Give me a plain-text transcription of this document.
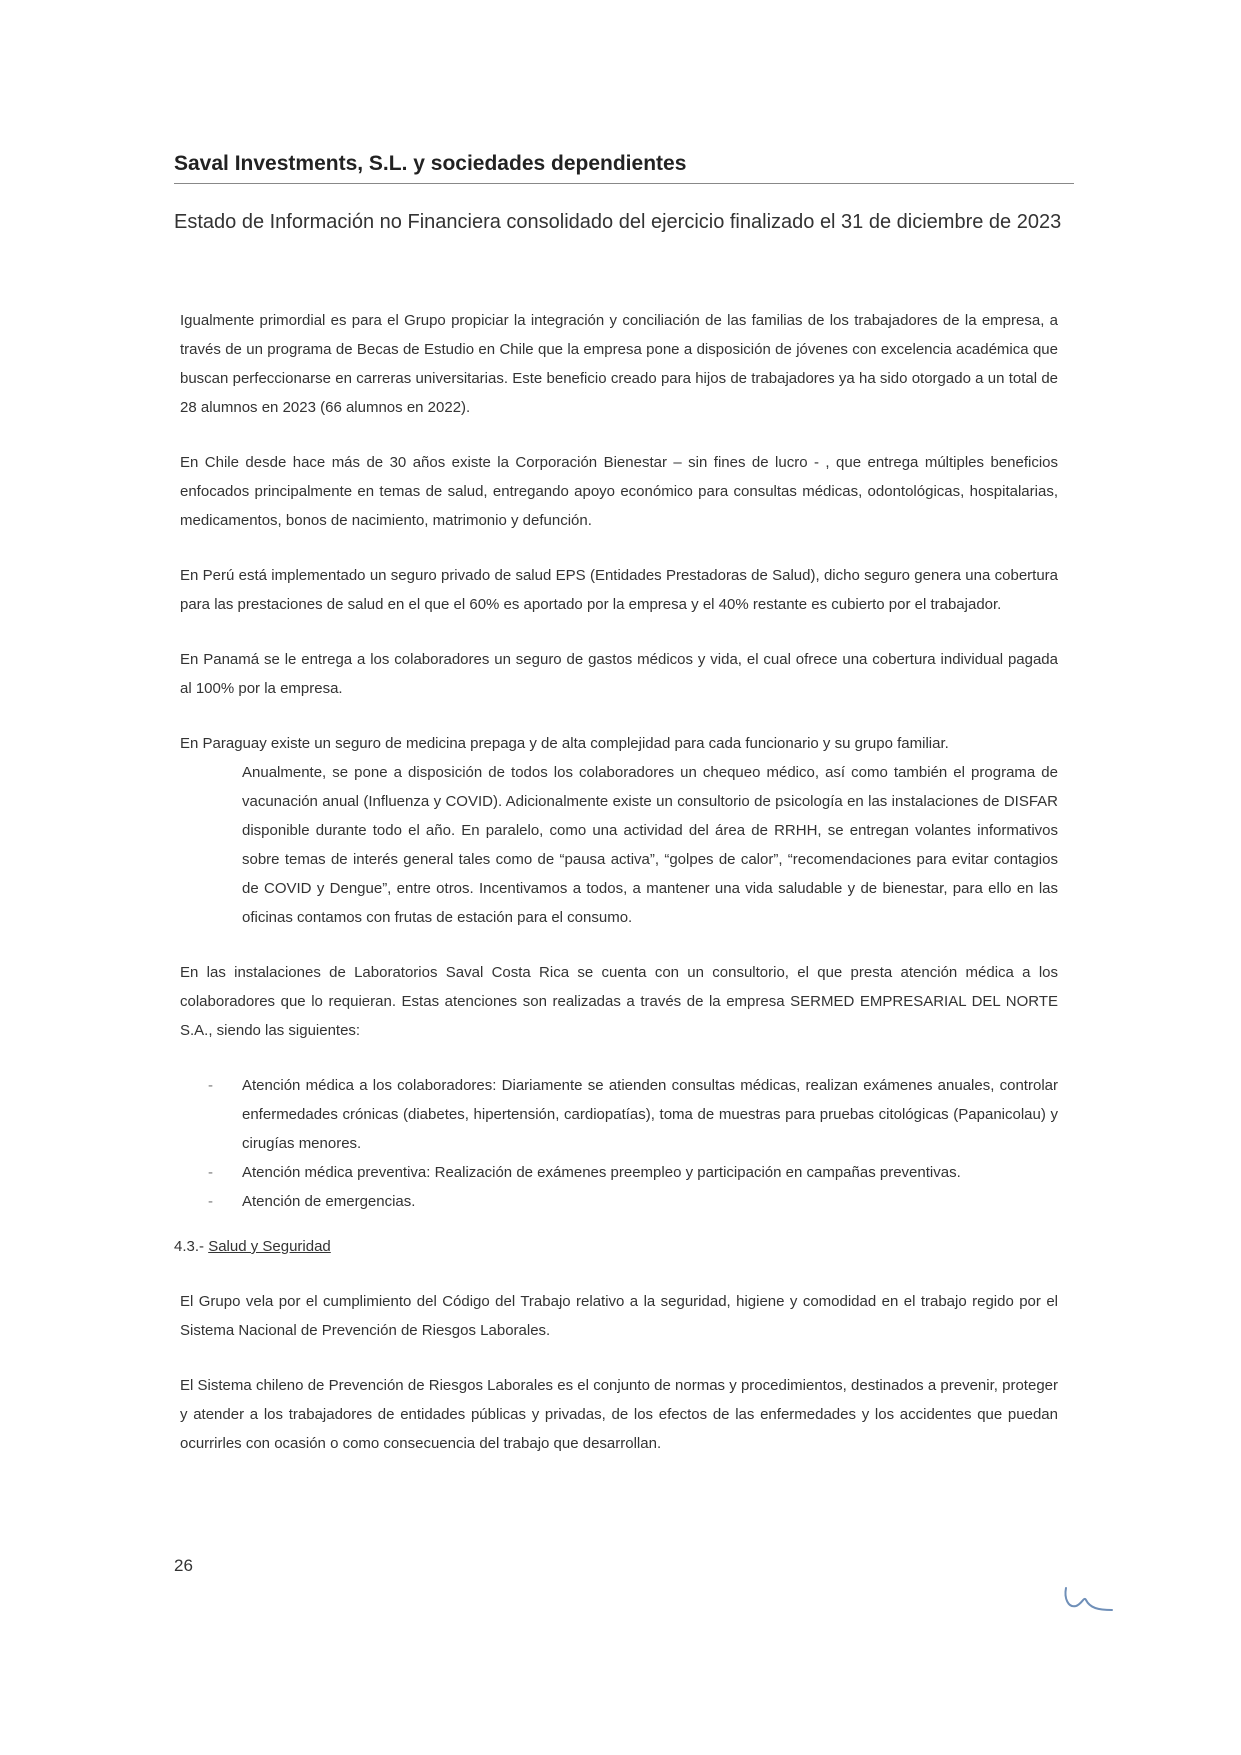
Saval Investments, S.L. y sociedades dependientes
Estado de Información no Financiera consolidado del ejercicio finalizado el 31 de diciembre de 2023

Igualmente primordial es para el Grupo propiciar la integración y conciliación de las familias de los trabajadores de la empresa, a través de un programa de Becas de Estudio en Chile que la empresa pone a disposición de jóvenes con excelencia académica que buscan perfeccionarse en carreras universitarias. Este beneficio creado para hijos de trabajadores ya ha sido otorgado a un total de 28 alumnos en 2023 (66 alumnos en 2022).

En Chile desde hace más de 30 años existe la Corporación Bienestar – sin fines de lucro - , que entrega múltiples beneficios enfocados principalmente en temas de salud, entregando apoyo económico para consultas médicas, odontológicas, hospitalarias, medicamentos, bonos de nacimiento, matrimonio y defunción.

En Perú está implementado un seguro privado de salud EPS (Entidades Prestadoras de Salud), dicho seguro genera una cobertura para las prestaciones de salud en el que el 60% es aportado por la empresa y el 40% restante es cubierto por el trabajador.

En Panamá se le entrega a los colaboradores un seguro de gastos médicos y vida, el cual ofrece una cobertura individual pagada al 100% por la empresa.

En Paraguay existe un seguro de medicina prepaga y de alta complejidad para cada funcionario y su grupo familiar.
Anualmente, se pone a disposición de todos los colaboradores un chequeo médico, así como también el programa de vacunación anual (Influenza y COVID). Adicionalmente existe un consultorio de psicología en las instalaciones de DISFAR disponible durante todo el año. En paralelo, como una actividad del área de RRHH, se entregan volantes informativos sobre temas de interés general tales como de “pausa activa”, “golpes de calor”, “recomendaciones para evitar contagios de COVID y Dengue”, entre otros. Incentivamos a todos, a mantener una vida saludable y de bienestar, para ello en las oficinas contamos con frutas de estación para el consumo.

En las instalaciones de Laboratorios Saval Costa Rica se cuenta con un consultorio, el que presta atención médica a los colaboradores que lo requieran. Estas atenciones son realizadas a través de la empresa SERMED EMPRESARIAL DEL NORTE S.A., siendo las siguientes:

- Atención médica a los colaboradores: Diariamente se atienden consultas médicas, realizan exámenes anuales, controlar enfermedades crónicas (diabetes, hipertensión, cardiopatías), toma de muestras para pruebas citológicas (Papanicolau) y cirugías menores.
- Atención médica preventiva: Realización de exámenes preempleo y participación en campañas preventivas.
- Atención de emergencias.
4.3.- Salud y Seguridad

El Grupo vela por el cumplimiento del Código del Trabajo relativo a la seguridad, higiene y comodidad en el trabajo regido por el Sistema Nacional de Prevención de Riesgos Laborales.

El Sistema chileno de Prevención de Riesgos Laborales es el conjunto de normas y procedimientos, destinados a prevenir, proteger y atender a los trabajadores de entidades públicas y privadas, de los efectos de las enfermedades y los accidentes que puedan ocurrirles con ocasión o como consecuencia del trabajo que desarrollan.

26
